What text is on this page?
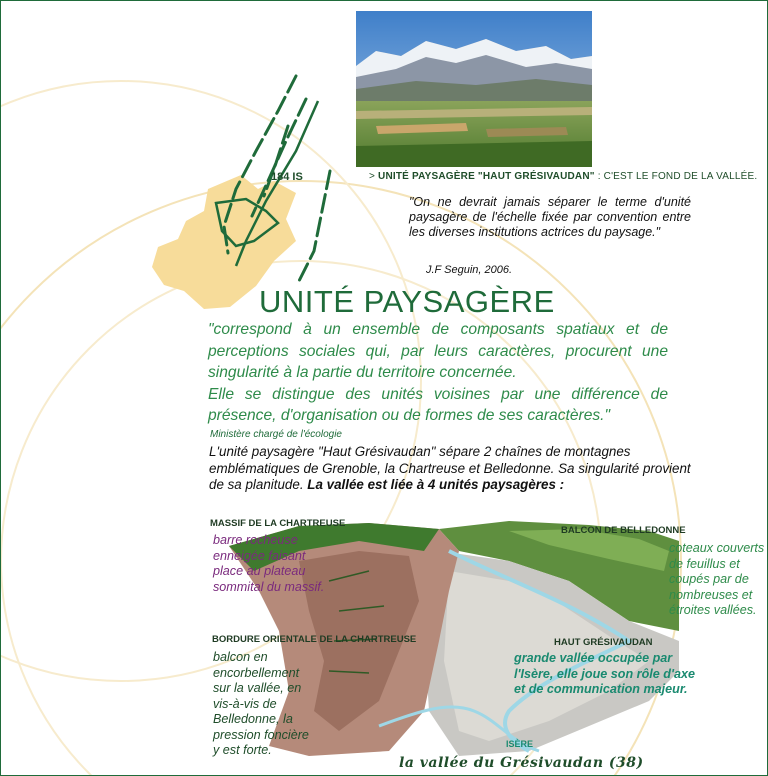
> UNITÉ PAYSAGÈRE "HAUT GRÉSIVAUDAN" : C'EST LE FOND DE LA VALLÉE.
184 IS
"On ne devrait jamais séparer le terme d'unité paysagère de l'échelle fixée par convention entre les diverses institutions actrices du paysage."
J.F Seguin, 2006.
UNITÉ PAYSAGÈRE

"correspond à un ensemble de composants spatiaux et de perceptions sociales qui, par leurs caractères, procurent une singularité à la partie du territoire concernée.

Elle se distingue des unités voisines par une différence de présence, d'organisation ou de formes de ses caractères."

Ministère chargé de l'écologie
L'unité paysagère "Haut Grésivaudan" sépare 2 chaînes de montagnes emblématiques de Grenoble, la Chartreuse et Belledonne. Sa singularité provient de sa planitude. La vallée est liée à 4 unités paysagères :
MASSIF DE LA CHARTREUSE
barre rocheuse enneigée faisant place au plateau sommital du massif.
BALCON DE BELLEDONNE
coteaux couverts de feuillus et coupés par de nombreuses et étroites vallées.
BORDURE ORIENTALE DE LA CHARTREUSE
balcon en encorbellement sur la vallée, en vis-à-vis de Belledonne, la pression foncière y est forte.
HAUT GRÉSIVAUDAN
grande vallée occupée par l'Isère, elle joue son rôle d'axe et de communication majeur.
ISÈRE
la vallée du Grésivaudan (38)
